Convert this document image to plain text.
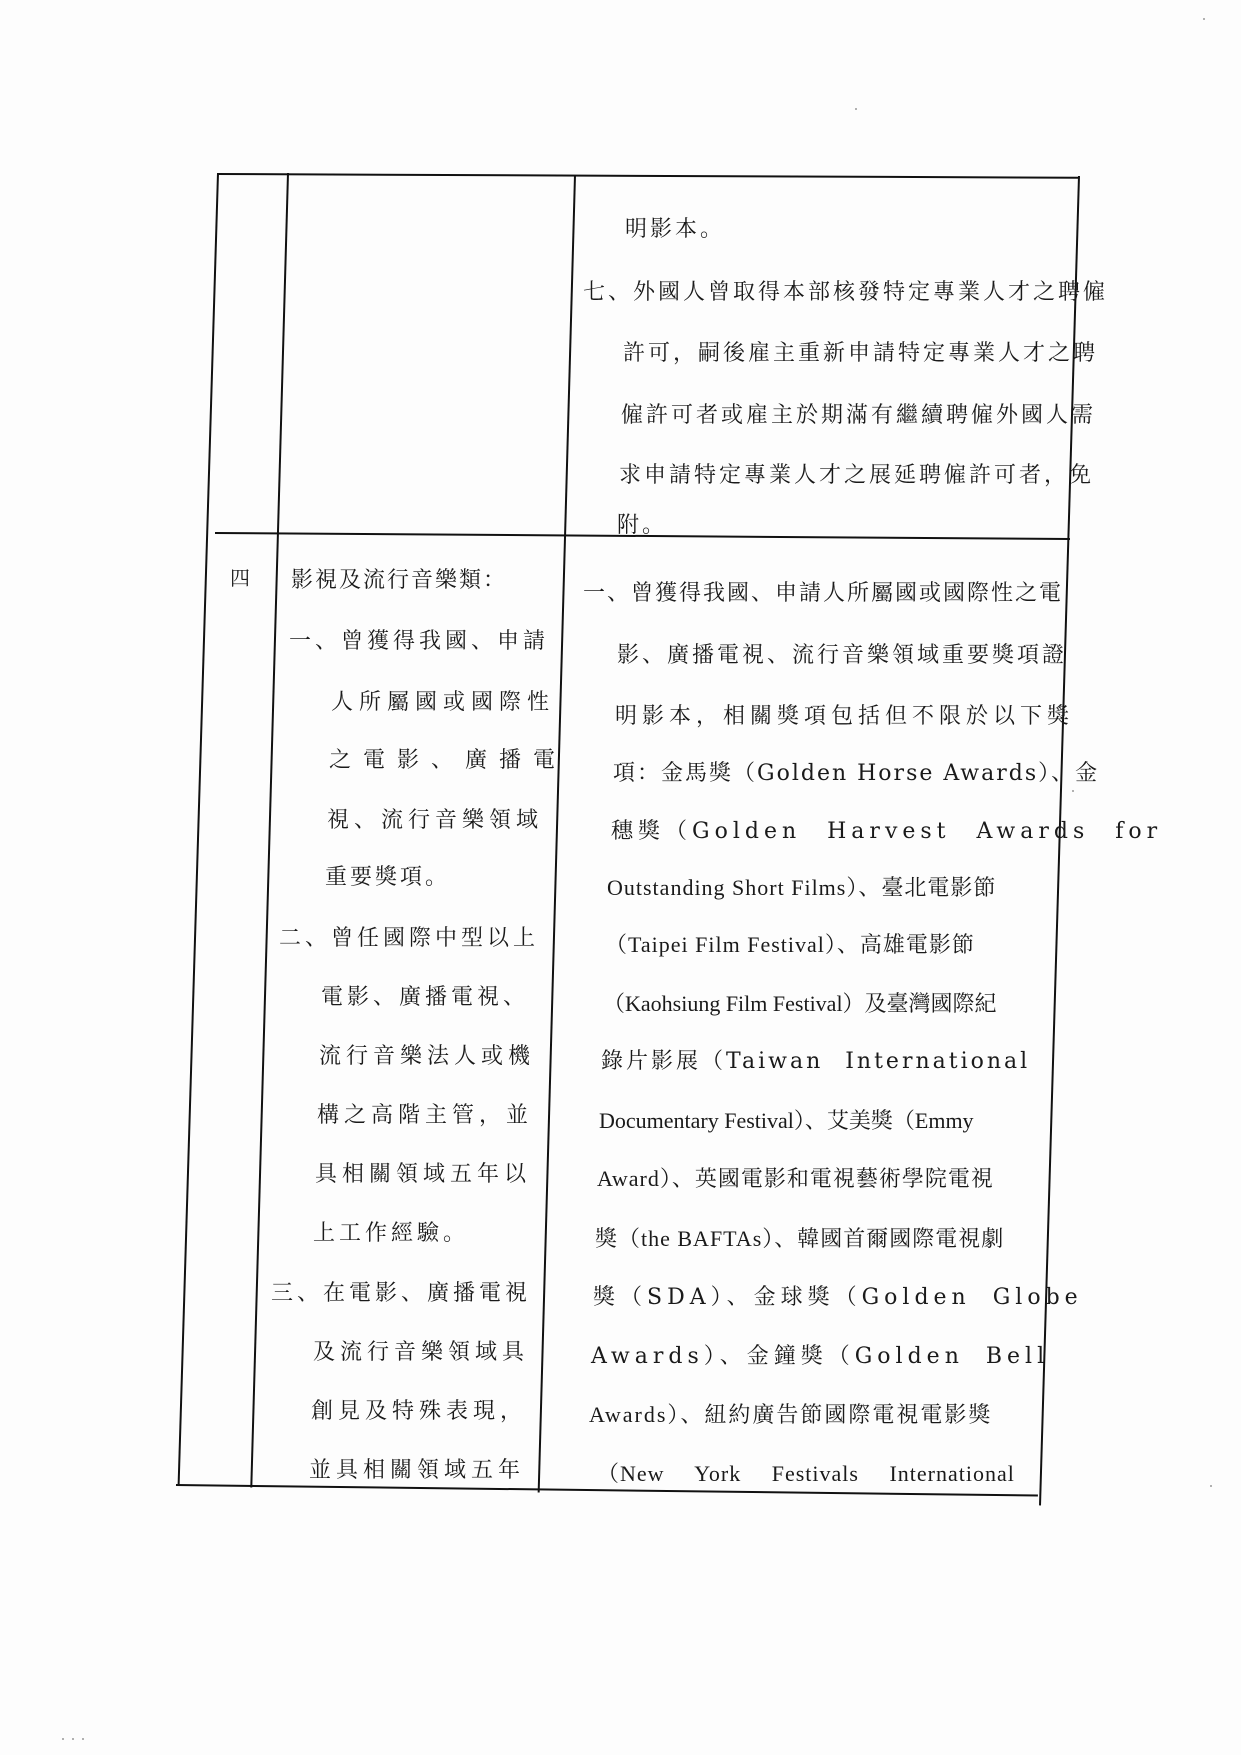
明影本。
七、外國人曾取得本部核發特定專業人才之聘僱
許可，嗣後雇主重新申請特定專業人才之聘
僱許可者或雇主於期滿有繼續聘僱外國人需
求申請特定專業人才之展延聘僱許可者，免
附。
四 影視及流行音樂類：
一、曾獲得我國、申請
人所屬國或國際性
之電影、廣播電
視、流行音樂領域
重要獎項。
二、曾任國際中型以上
電影、廣播電視、
流行音樂法人或機
構之高階主管，並
具相關領域五年以
上工作經驗。
三、在電影、廣播電視
及流行音樂領域具
創見及特殊表現，
並具相關領域五年
一、曾獲得我國、申請人所屬國或國際性之電
影、廣播電視、流行音樂領域重要獎項證
明影本，相關獎項包括但不限於以下獎
項：金馬獎（Golden Horse Awards）、金
穗獎（Golden Harvest Awards for
Outstanding Short Films）、臺北電影節
（Taipei Film Festival）、高雄電影節
（Kaohsiung Film Festival）及臺灣國際紀
錄片影展（Taiwan International
Documentary Festival）、艾美獎（Emmy
Award）、英國電影和電視藝術學院電視
獎（the BAFTAs）、韓國首爾國際電視劇
獎（SDA）、金球獎（Golden Globe
Awards）、金鐘獎（Golden Bell
Awards）、紐約廣告節國際電視電影獎
（New York Festivals International
